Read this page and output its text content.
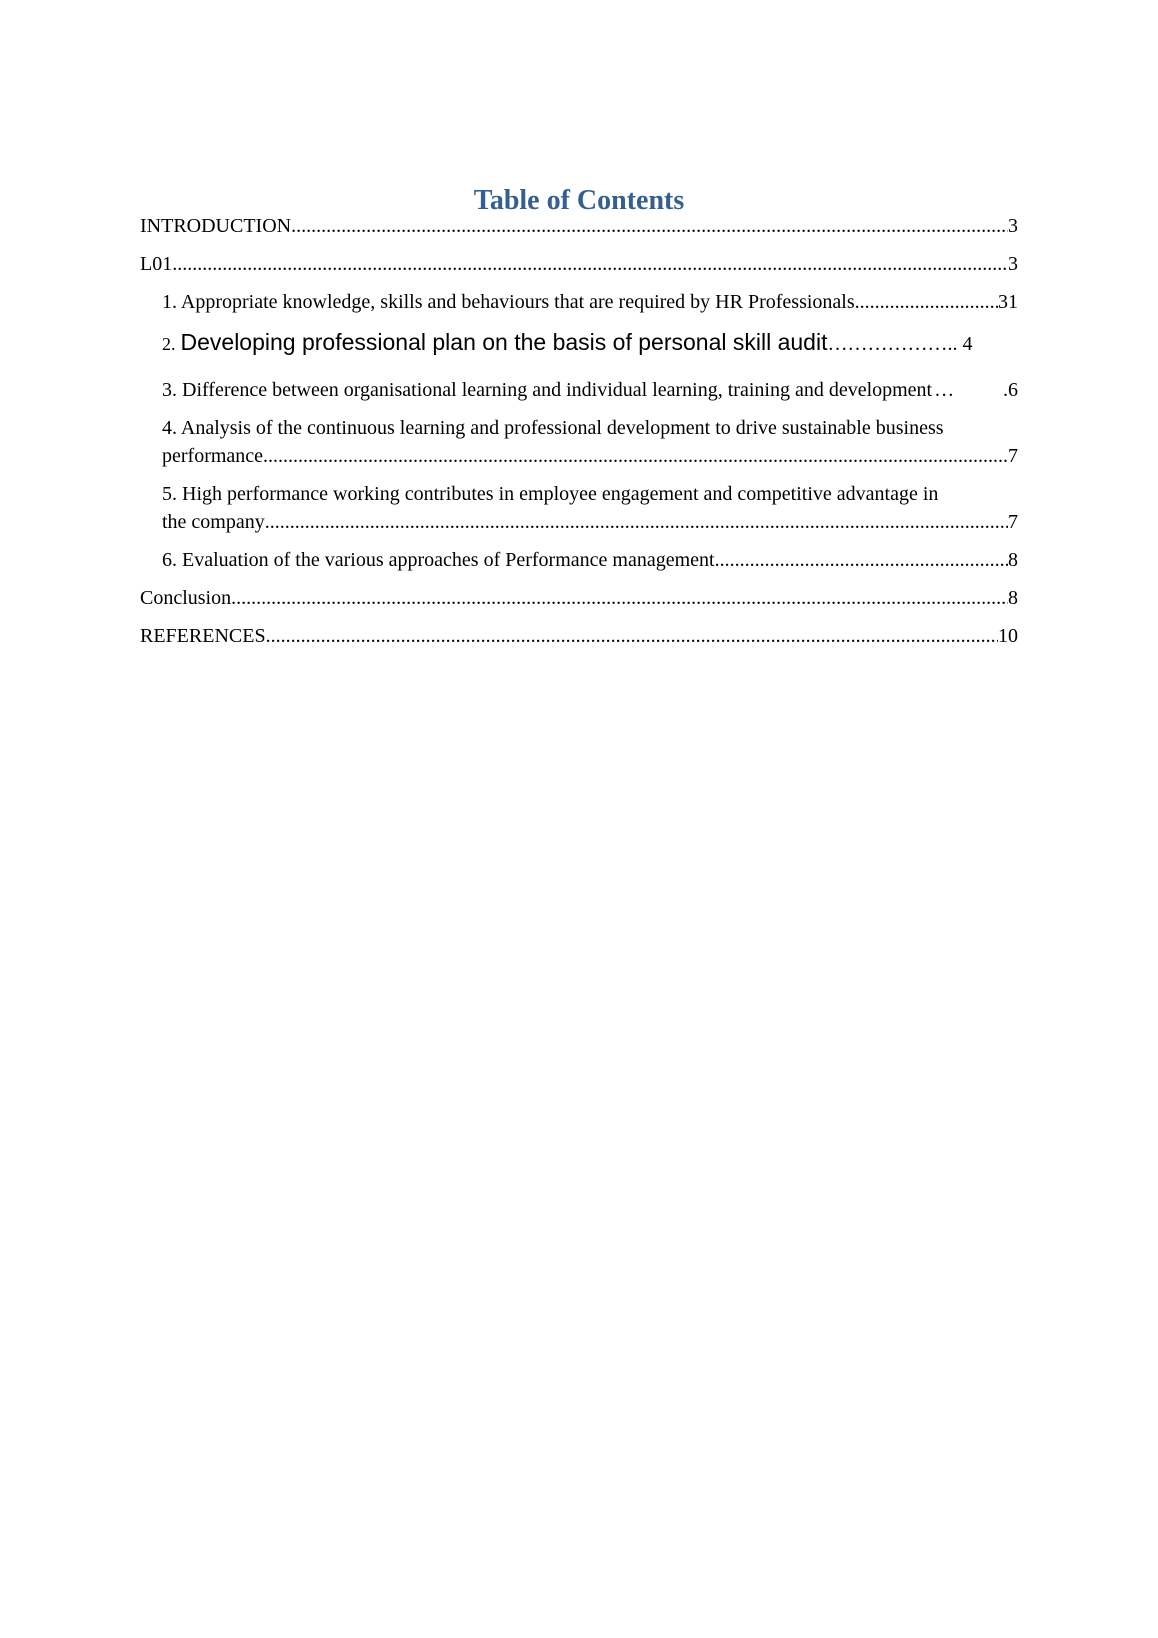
Table of Contents
INTRODUCTION .....	3
L01 .....	3
1. Appropriate knowledge, skills and behaviours that are required by HR Professionals .....	31
2. Developing professional plan on the basis of personal skill audit……………….. 4
3. Difference between organisational learning and individual learning, training and development … .6
4. Analysis of the continuous learning and professional development to drive sustainable business
performance .....	7
5. High performance working contributes in employee engagement and competitive advantage in
the company .....	7
6. Evaluation of the various approaches of Performance management .....	8
Conclusion .....	8
REFERENCES .....	10
